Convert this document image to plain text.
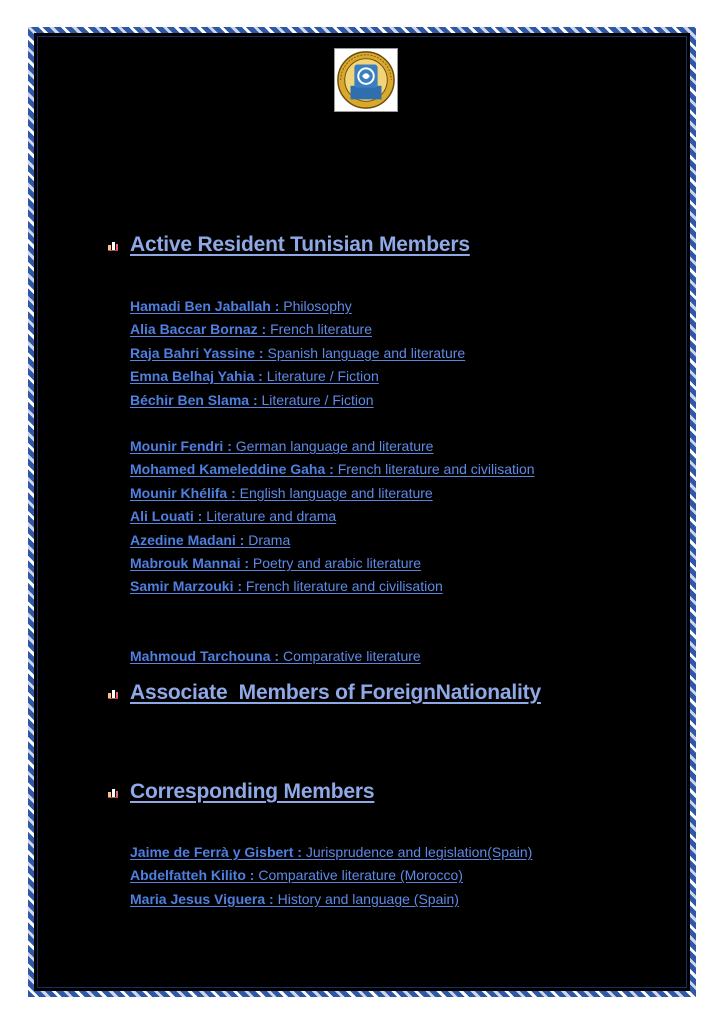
Active Resident Tunisian Members
Hamadi Ben Jaballah : Philosophy
Alia Baccar Bornaz : French literature
Raja Bahri Yassine : Spanish language and literature
Emna Belhaj Yahia : Literature / Fiction
Béchir Ben Slama : Literature / Fiction
Mounir Fendri : German language and literature
Mohamed Kameleddine Gaha : French literature and civilisation
Mounir Khélifa : English language and literature
Ali Louati : Literature and drama
Azedine Madani : Drama
Mabrouk Mannai : Poetry and arabic literature
Samir Marzouki : French literature and civilisation
Mahmoud Tarchouna : Comparative literature
Associate  Members of ForeignNationality
Corresponding Members
Jaime de Ferrà y Gisbert : Jurisprudence and legislation(Spain)
Abdelfatteh Kilito : Comparative literature (Morocco)
Maria Jesus Viguera : History and language (Spain)
